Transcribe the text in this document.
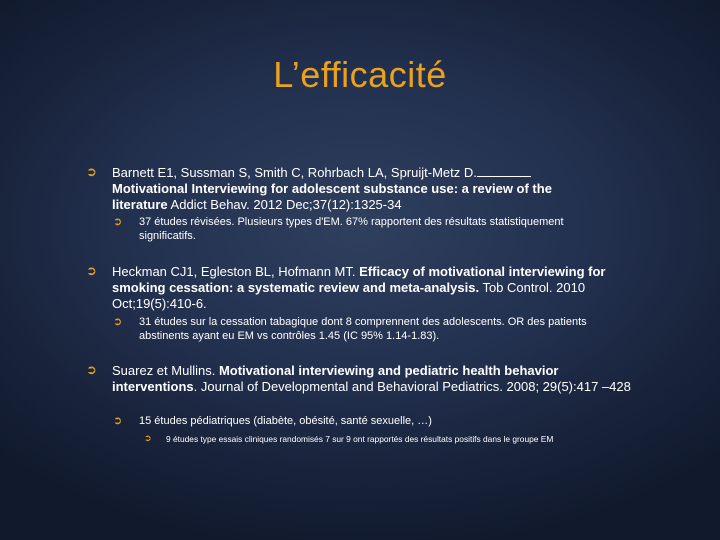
L’efficacité
➲ Barnett E1, Sussman S, Smith C, Rohrbach LA, Spruijt-Metz D. Motivational Interviewing for adolescent substance use: a review of the literature Addict Behav. 2012 Dec;37(12):1325-34
➲ 37 études révisées. Plusieurs types d'EM. 67% rapportent des résultats statistiquement significatifs.
➲ Heckman CJ1, Egleston BL, Hofmann MT. Efficacy of motivational interviewing for smoking cessation: a systematic review and meta-analysis. Tob Control. 2010 Oct;19(5):410-6.
➲ 31 études sur la cessation tabagique dont 8 comprennent des adolescents. OR des patients abstinents ayant eu EM vs contrôles 1.45 (IC 95% 1.14-1.83).
➲ Suarez et Mullins. Motivational interviewing and pediatric health behavior interventions. Journal of Developmental and Behavioral Pediatrics. 2008; 29(5):417 –428
➲ 15 études pédiatriques (diabète, obésité, santé sexuelle, …)
➲ 9 études type essais cliniques randomisés 7 sur 9 ont rapportés des résultats positifs dans le groupe EM
